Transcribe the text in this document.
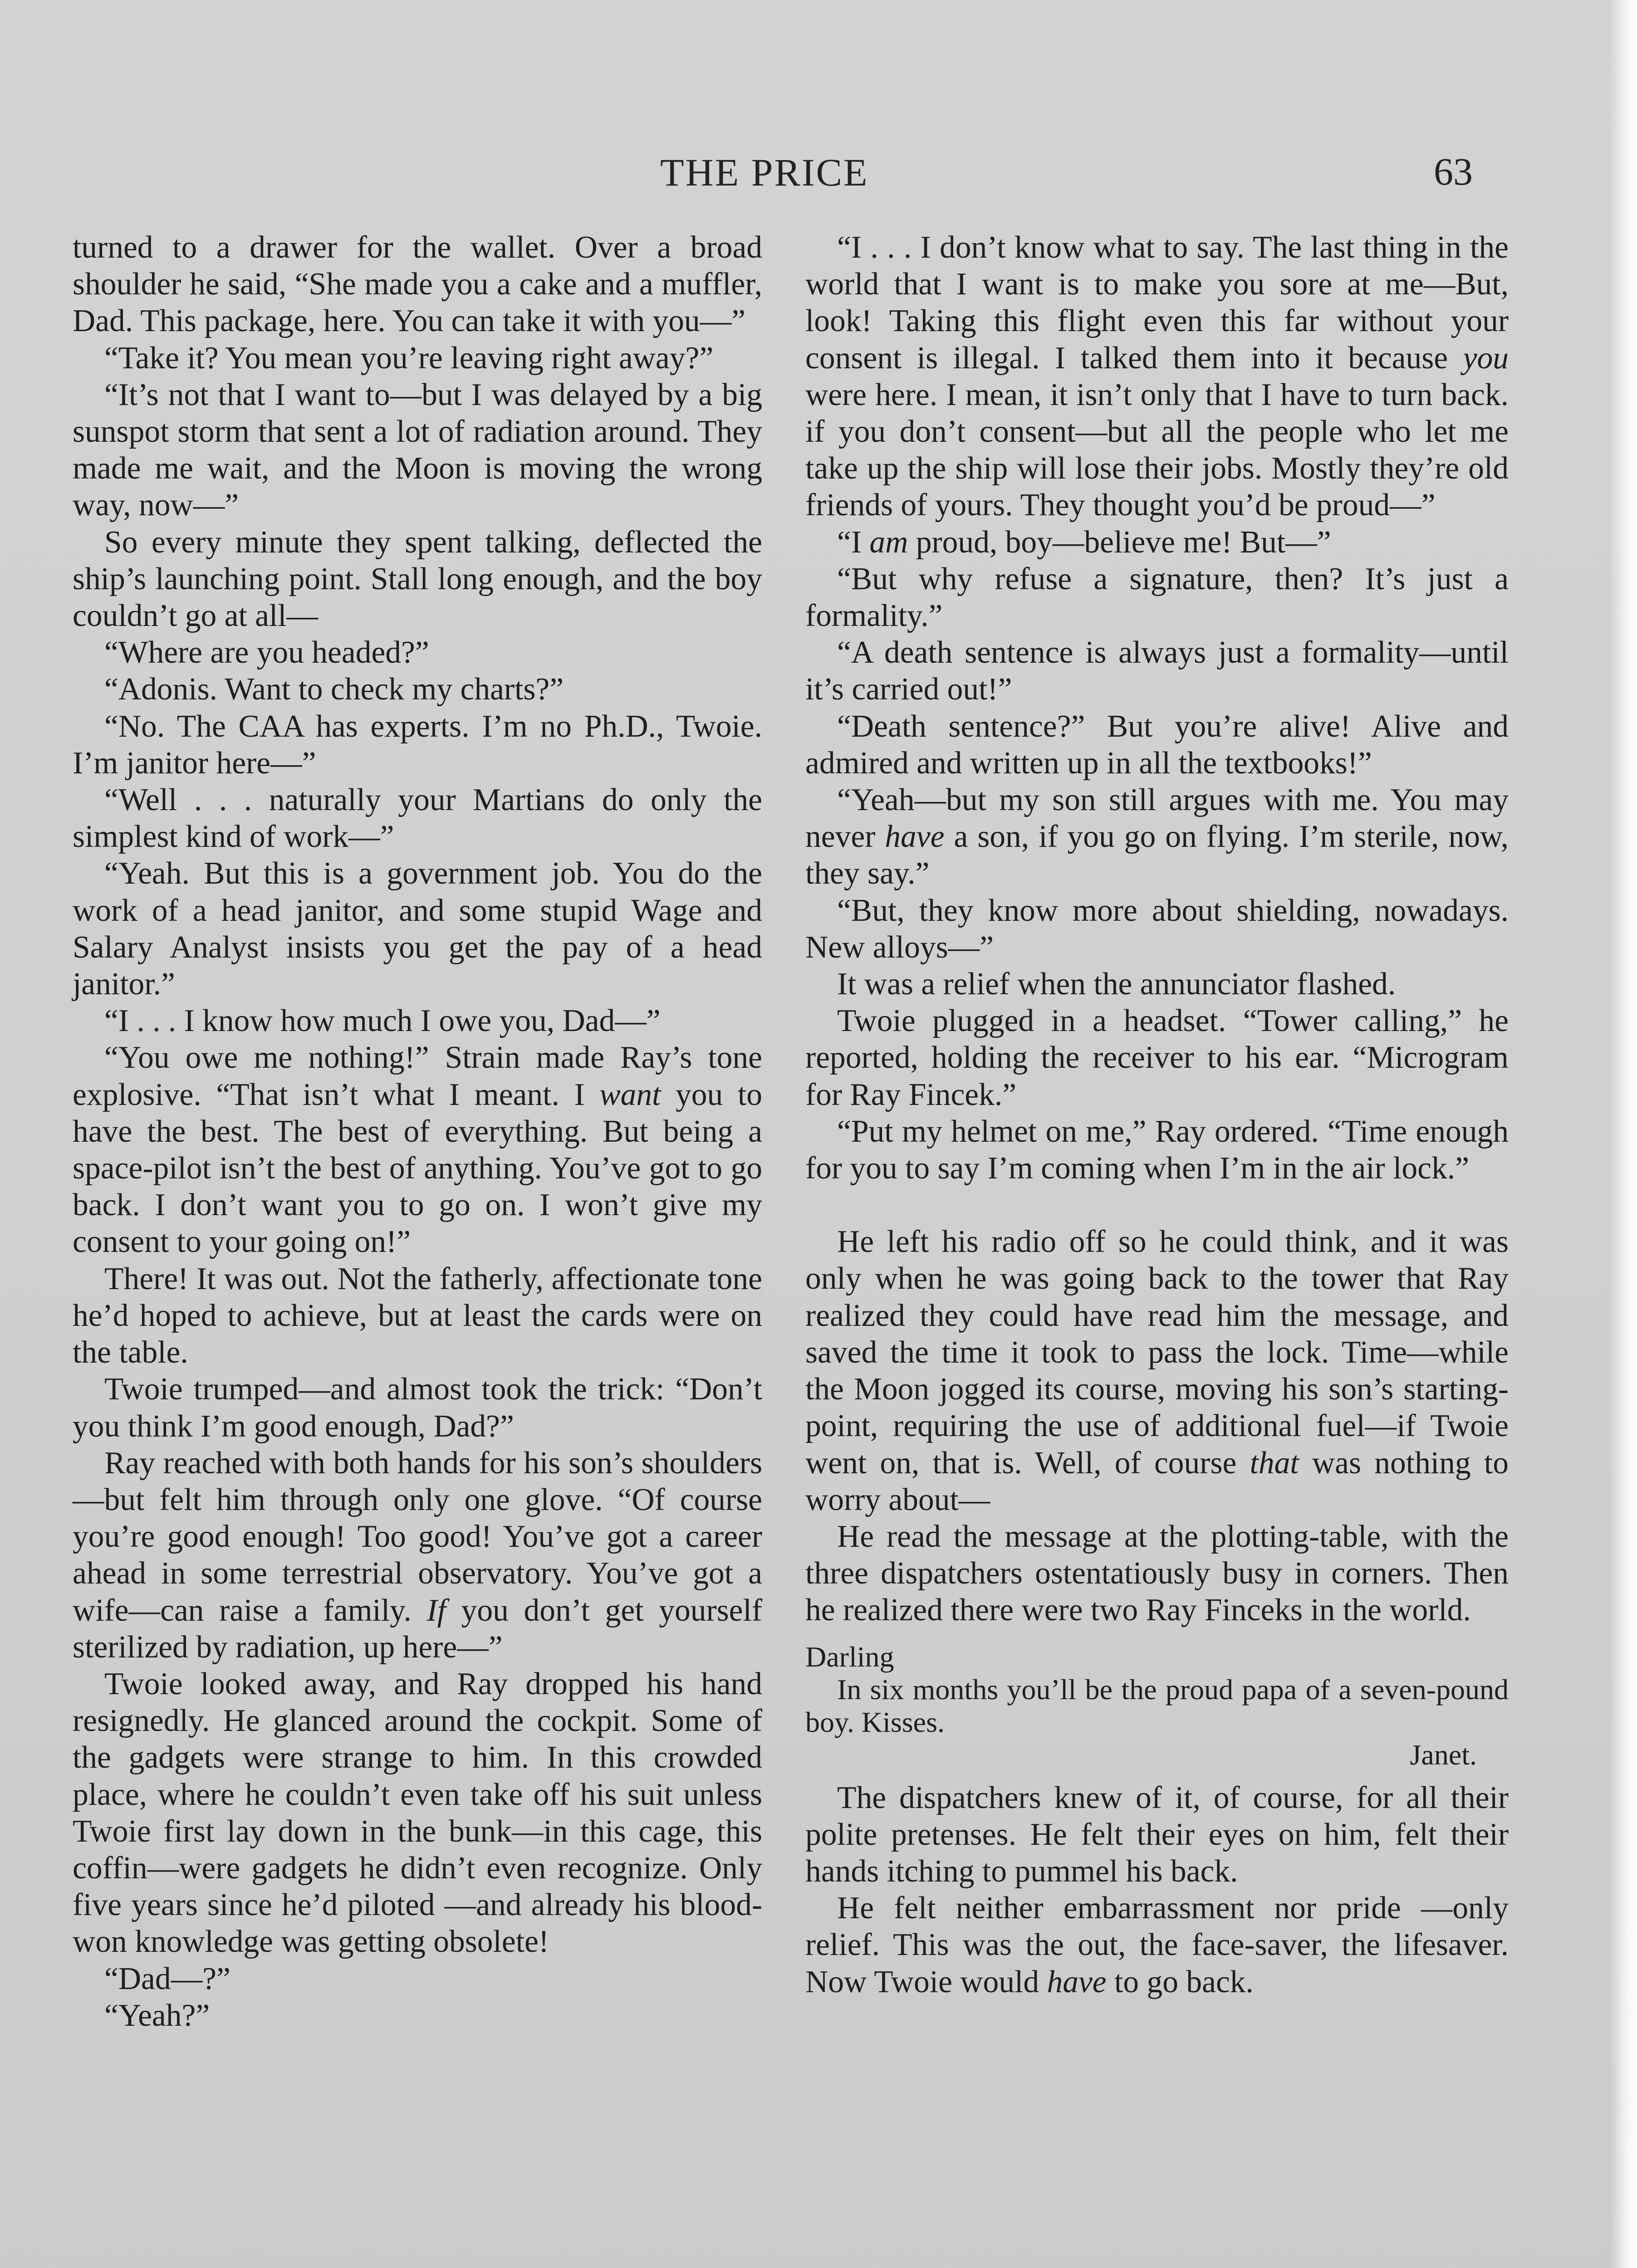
THE PRICE	63

turned to a drawer for the wallet. Over a broad shoulder he said, “She made you a cake and a muffler, Dad. This package, here. You can take it with you—”

“Take it? You mean you’re leaving right away?”

“It’s not that I want to—but I was delayed by a big sunspot storm that sent a lot of radiation around. They made me wait, and the Moon is moving the wrong way, now—”

So every minute they spent talking, deflected the ship’s launching point. Stall long enough, and the boy couldn’t go at all—

“Where are you headed?”

“Adonis. Want to check my charts?”

“No. The CAA has experts. I’m no Ph.D., Twoie. I’m janitor here—”

“Well . . . naturally your Martians do only the simplest kind of work—”

“Yeah. But this is a government job. You do the work of a head janitor, and some stupid Wage and Salary Analyst insists you get the pay of a head janitor.”

“I . . . I know how much I owe you, Dad—”

“You owe me nothing!” Strain made Ray’s tone explosive. “That isn’t what I meant. I want you to have the best. The best of everything. But being a space-pilot isn’t the best of anything. You’ve got to go back. I don’t want you to go on. I won’t give my consent to your going on!”

There! It was out. Not the fatherly, affectionate tone he’d hoped to achieve, but at least the cards were on the table.

Twoie trumped—and almost took the trick: “Don’t you think I’m good enough, Dad?”

Ray reached with both hands for his son’s shoulders—but felt him through only one glove. “Of course you’re good enough! Too good! You’ve got a career ahead in some terrestrial observatory. You’ve got a wife—can raise a family. If you don’t get yourself sterilized by radiation, up here—”

Twoie looked away, and Ray dropped his hand resignedly. He glanced around the cockpit. Some of the gadgets were strange to him. In this crowded place, where he couldn’t even take off his suit unless Twoie first lay down in the bunk—in this cage, this coffin—were gadgets he didn’t even recognize. Only five years since he’d piloted —and already his blood-won knowledge was getting obsolete!

“Dad—?”

“Yeah?”

“I . . . I don’t know what to say. The last thing in the world that I want is to make you sore at me—But, look! Taking this flight even this far without your consent is illegal. I talked them into it because you were here. I mean, it isn’t only that I have to turn back. if you don’t consent—but all the people who let me take up the ship will lose their jobs. Mostly they’re old friends of yours. They thought you’d be proud—”

“I am proud, boy—believe me! But—”

“But why refuse a signature, then? It’s just a formality.”

“A death sentence is always just a formality—until it’s carried out!”

“Death sentence?” But you’re alive! Alive and admired and written up in all the textbooks!”

“Yeah—but my son still argues with me. You may never have a son, if you go on flying. I’m sterile, now, they say.”

“But, they know more about shielding, nowadays. New alloys—”

It was a relief when the annunciator flashed.

Twoie plugged in a headset. “Tower calling,” he reported, holding the receiver to his ear. “Microgram for Ray Fincek.”

“Put my helmet on me,” Ray ordered. “Time enough for you to say I’m coming when I’m in the air lock.”

He left his radio off so he could think, and it was only when he was going back to the tower that Ray realized they could have read him the message, and saved the time it took to pass the lock. Time—while the Moon jogged its course, moving his son’s starting-point, requiring the use of additional fuel—if Twoie went on, that is. Well, of course that was nothing to worry about—

He read the message at the plotting-table, with the three dispatchers ostentatiously busy in corners. Then he realized there were two Ray Finceks in the world.

Darling

In six months you’ll be the proud papa of a seven-pound boy. Kisses.

Janet.

The dispatchers knew of it, of course, for all their polite pretenses. He felt their eyes on him, felt their hands itching to pummel his back.

He felt neither embarrassment nor pride —only relief. This was the out, the face-saver, the lifesaver. Now Twoie would have to go back.
